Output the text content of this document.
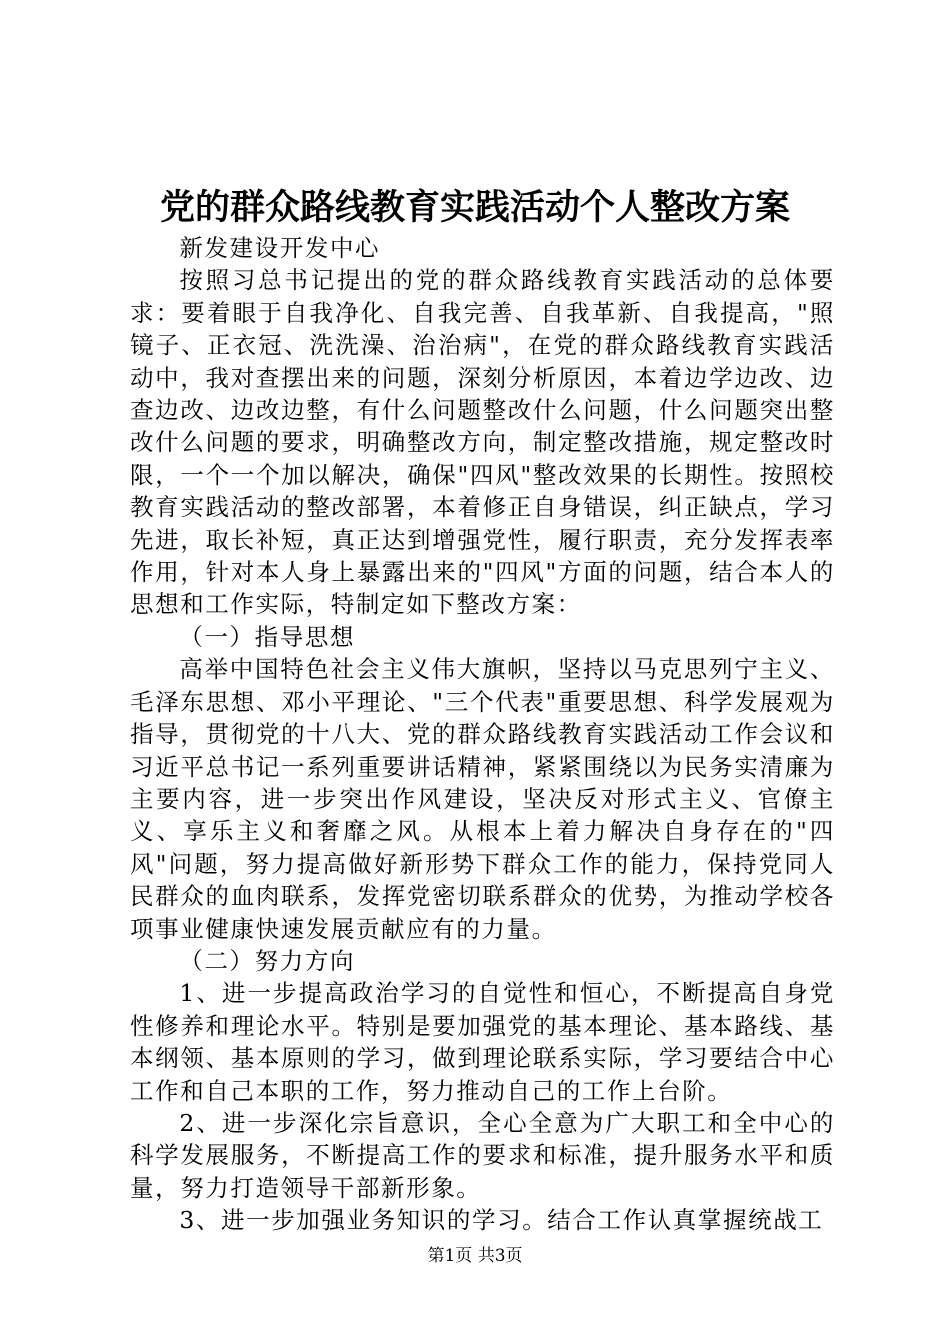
党的群众路线教育实践活动个人整改方案

新发建设开发中心

按照习总书记提出的党的群众路线教育实践活动的总体要求：要着眼于自我净化、自我完善、自我革新、自我提高，"照镜子、正衣冠、洗洗澡、治治病"，在党的群众路线教育实践活动中，我对查摆出来的问题，深刻分析原因，本着边学边改、边查边改、边改边整，有什么问题整改什么问题，什么问题突出整改什么问题的要求，明确整改方向，制定整改措施，规定整改时限，一个一个加以解决，确保"四风"整改效果的长期性。按照校教育实践活动的整改部署，本着修正自身错误，纠正缺点，学习先进，取长补短，真正达到增强党性，履行职责，充分发挥表率作用，针对本人身上暴露出来的"四风"方面的问题，结合本人的思想和工作实际，特制定如下整改方案：

（一）指导思想

高举中国特色社会主义伟大旗帜，坚持以马克思列宁主义、毛泽东思想、邓小平理论、"三个代表"重要思想、科学发展观为指导，贯彻党的十八大、党的群众路线教育实践活动工作会议和习近平总书记一系列重要讲话精神，紧紧围绕以为民务实清廉为主要内容，进一步突出作风建设，坚决反对形式主义、官僚主义、享乐主义和奢靡之风。从根本上着力解决自身存在的"四风"问题，努力提高做好新形势下群众工作的能力，保持党同人民群众的血肉联系，发挥党密切联系群众的优势，为推动学校各项事业健康快速发展贡献应有的力量。

（二）努力方向

1、进一步提高政治学习的自觉性和恒心，不断提高自身党性修养和理论水平。特别是要加强党的基本理论、基本路线、基本纲领、基本原则的学习，做到理论联系实际，学习要结合中心工作和自己本职的工作，努力推动自己的工作上台阶。

2、进一步深化宗旨意识，全心全意为广大职工和全中心的科学发展服务，不断提高工作的要求和标准，提升服务水平和质量，努力打造领导干部新形象。

3、进一步加强业务知识的学习。结合工作认真掌握统战工

第1页 共3页
